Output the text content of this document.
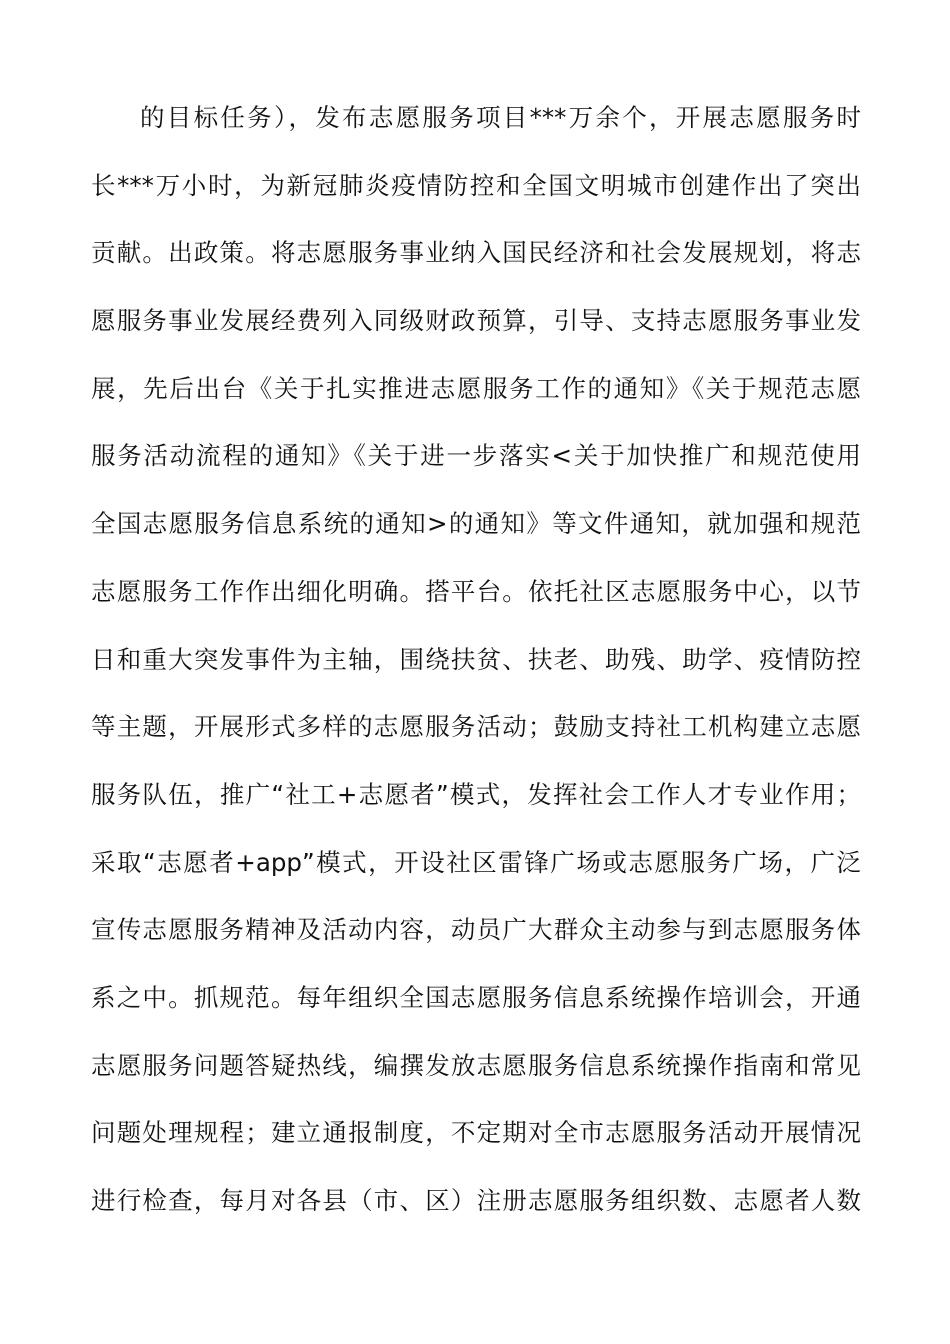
的目标任务），发布志愿服务项目***万余个，开展志愿服务时
长***万小时，为新冠肺炎疫情防控和全国文明城市创建作出了突出
贡献。出政策。将志愿服务事业纳入国民经济和社会发展规划，将志
愿服务事业发展经费列入同级财政预算，引导、支持志愿服务事业发
展，先后出台《关于扎实推进志愿服务工作的通知》《关于规范志愿
服务活动流程的通知》《关于进一步落实<关于加快推广和规范使用
全国志愿服务信息系统的通知>的通知》等文件通知，就加强和规范
志愿服务工作作出细化明确。搭平台。依托社区志愿服务中心，以节
日和重大突发事件为主轴，围绕扶贫、扶老、助残、助学、疫情防控
等主题，开展形式多样的志愿服务活动；鼓励支持社工机构建立志愿
服务队伍，推广“社工+志愿者”模式，发挥社会工作人才专业作用；
采取“志愿者+app”模式，开设社区雷锋广场或志愿服务广场，广泛
宣传志愿服务精神及活动内容，动员广大群众主动参与到志愿服务体
系之中。抓规范。每年组织全国志愿服务信息系统操作培训会，开通
志愿服务问题答疑热线，编撰发放志愿服务信息系统操作指南和常见
问题处理规程；建立通报制度，不定期对全市志愿服务活动开展情况
进行检查，每月对各县（市、区）注册志愿服务组织数、志愿者人数
